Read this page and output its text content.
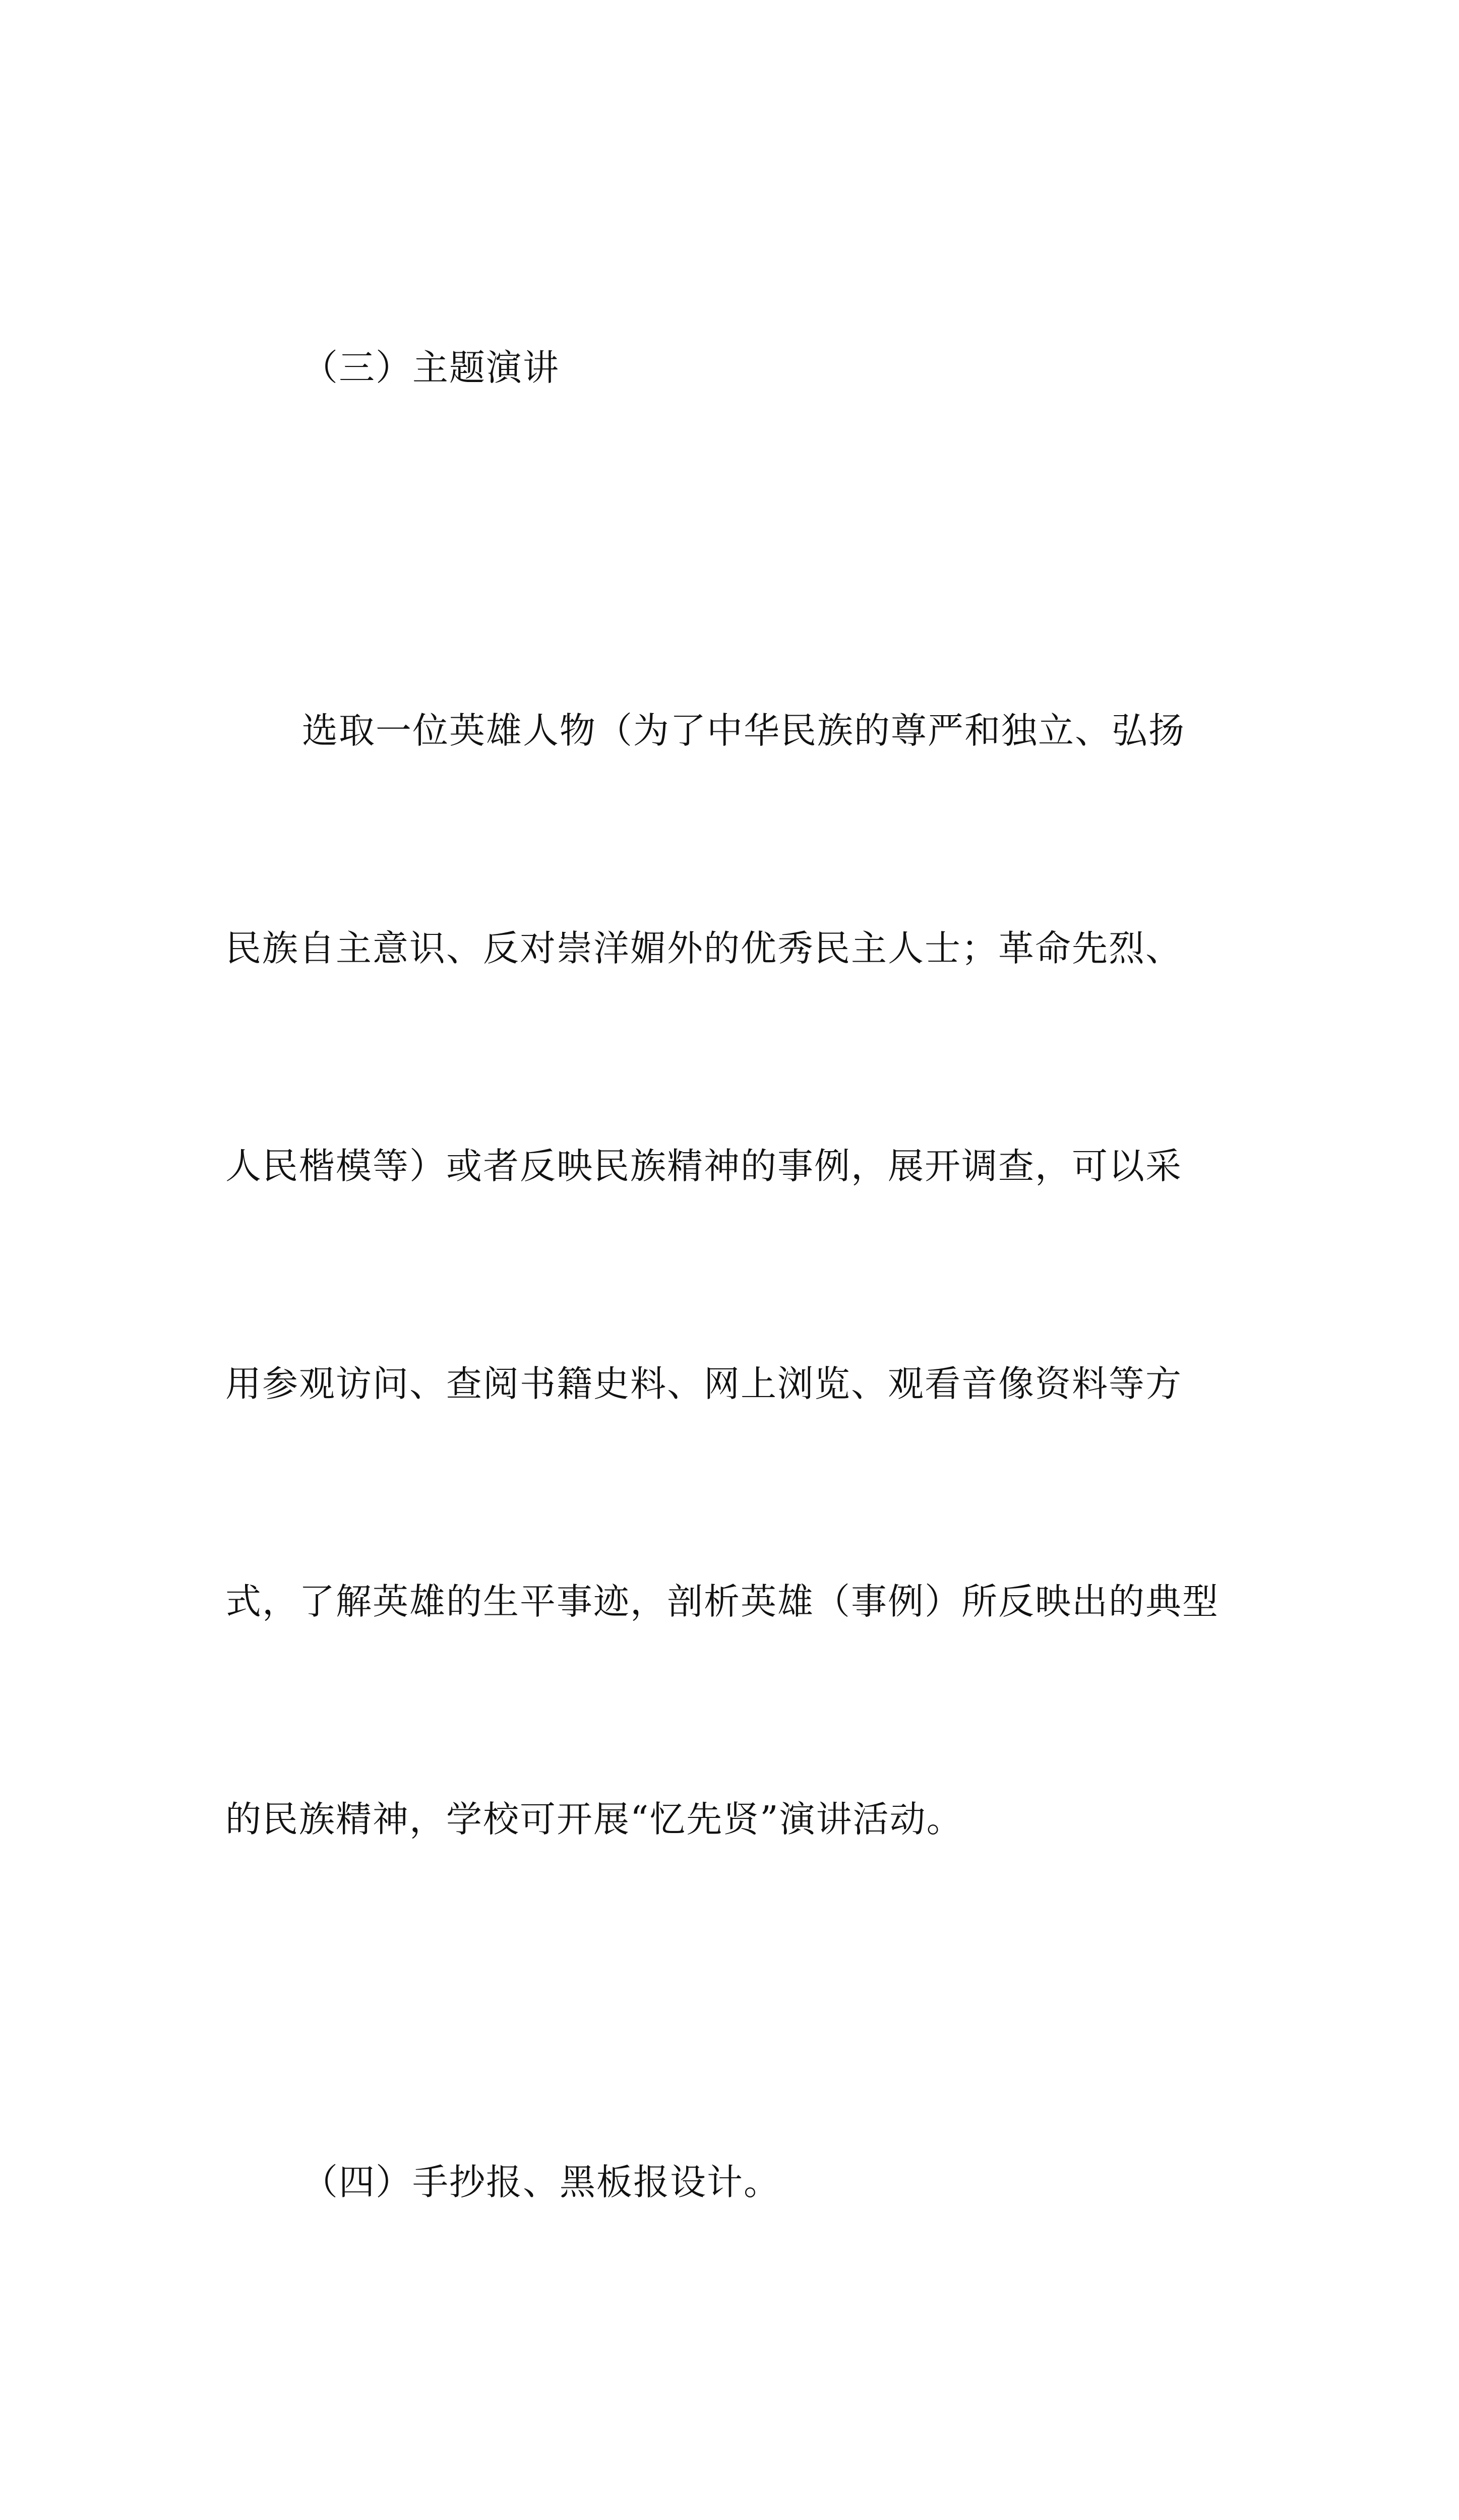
（三）主题演讲

选取一位英雄人物（为了中华民族的尊严和独立、弘扬

民族自主意识、反对崇洋媚外的优秀民主人士；革命先烈、

人民楷模等）或者反映民族精神的事例，展开调查，可以采

用参观访问、查阅书籍史料、网上浏览、观看音像资料等方

式，了解英雄的生平事迹，剖析英雄（事例）所反映出的典型

的民族精神，学校可开展“忆先贤”演讲活动。

（四）手抄报、黑板报设计。
